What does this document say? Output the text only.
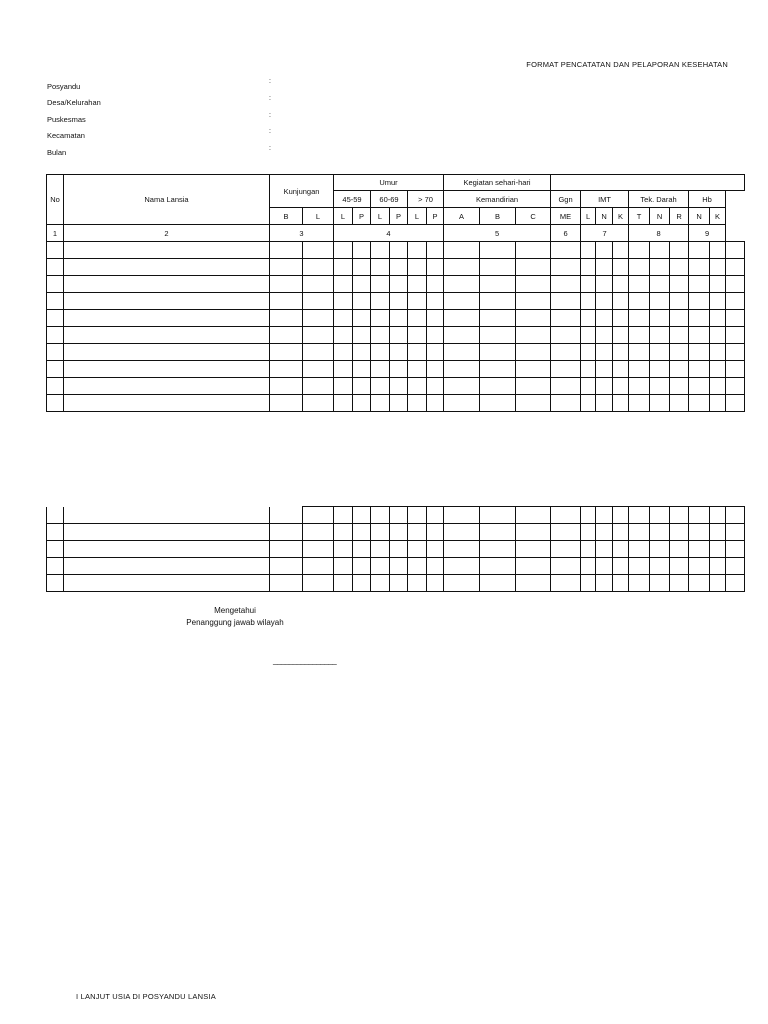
FORMAT PENCATATAN DAN PELAPORAN KESEHATAN
Posyandu
:
Desa/Kelurahan	:
Puskesmas	:
Kecamatan	:
Bulan	:
No	Nama Lansia	Kunjungan		Umur						Kegiatan sehari-hari												
				45-59		60-69		> 70		Kemandirian			Ggn	IMT			Tek. Darah			Hb		
		B	L	L	P	L	P	L	P	A	B	C	ME	L	N	K	T	N	R	N	K	
1	2	3		4						5			6	7			8			9		

Mengetahui
Penanggung jawab wilayah
________________
I LANJUT USIA DI POSYANDU LANSIA
